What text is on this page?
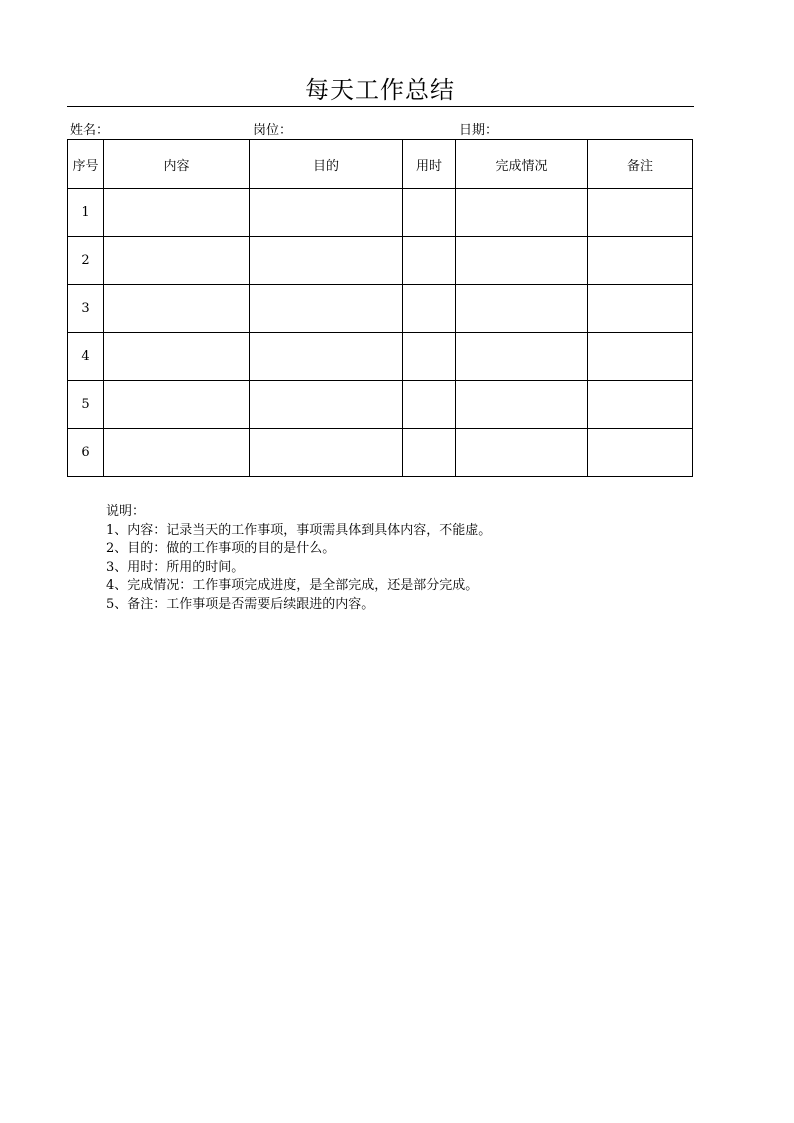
每天工作总结
姓名：	岗位：	日期：
序号	内容	目的	用时	完成情况	备注
1					
2					
3					
4					
5					
6					

说明：

1、内容：记录当天的工作事项，事项需具体到具体内容，不能虚。

2、目的：做的工作事项的目的是什么。

3、用时：所用的时间。

4、完成情况：工作事项完成进度，是全部完成，还是部分完成。

5、备注：工作事项是否需要后续跟进的内容。
